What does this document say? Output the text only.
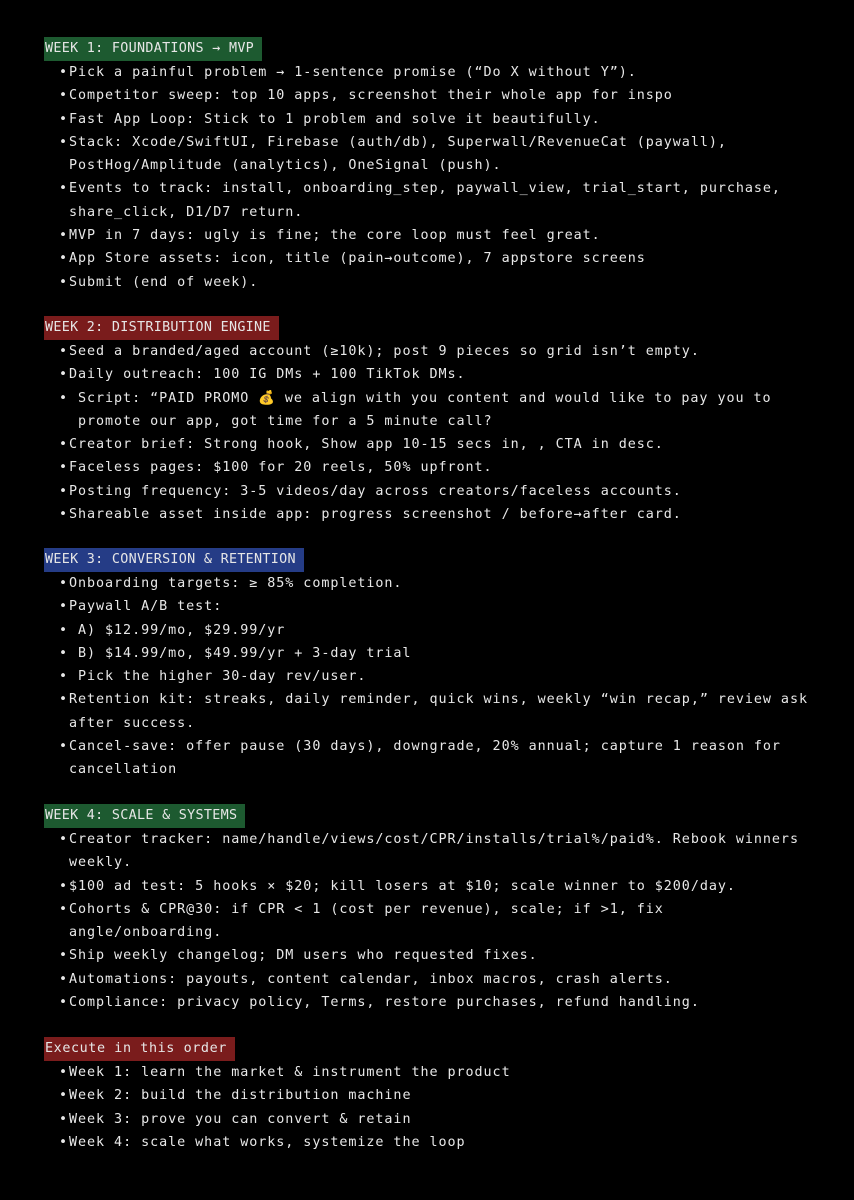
WEEK 1: FOUNDATIONS → MVP
• Pick a painful problem → 1-sentence promise (“Do X without Y”).
• Competitor sweep: top 10 apps, screenshot their whole app for inspo
• Fast App Loop: Stick to 1 problem and solve it beautifully.
• Stack: Xcode/SwiftUI, Firebase (auth/db), Superwall/RevenueCat (paywall), PostHog/Amplitude (analytics), OneSignal (push).
• Events to track: install, onboarding_step, paywall_view, trial_start, purchase, share_click, D1/D7 return.
• MVP in 7 days: ugly is fine; the core loop must feel great.
• App Store assets: icon, title (pain→outcome), 7 appstore screens
• Submit (end of week).
WEEK 2: DISTRIBUTION ENGINE
• Seed a branded/aged account (≥10k); post 9 pieces so grid isn’t empty.
• Daily outreach: 100 IG DMs + 100 TikTok DMs.
• Script: “PAID PROMO 💰 we align with you content and would like to pay you to promote our app, got time for a 5 minute call?
• Creator brief: Strong hook, Show app 10-15 secs in, , CTA in desc.
• Faceless pages: $100 for 20 reels, 50% upfront.
• Posting frequency: 3-5 videos/day across creators/faceless accounts.
• Shareable asset inside app: progress screenshot / before→after card.
WEEK 3: CONVERSION & RETENTION
• Onboarding targets: ≥ 85% completion.
• Paywall A/B test:
• A) $12.99/mo, $29.99/yr
• B) $14.99/mo, $49.99/yr + 3-day trial
• Pick the higher 30-day rev/user.
• Retention kit: streaks, daily reminder, quick wins, weekly “win recap,” review ask after success.
• Cancel-save: offer pause (30 days), downgrade, 20% annual; capture 1 reason for cancellation
WEEK 4: SCALE & SYSTEMS
• Creator tracker: name/handle/views/cost/CPR/installs/trial%/paid%. Rebook winners weekly.
• $100 ad test: 5 hooks × $20; kill losers at $10; scale winner to $200/day.
• Cohorts & CPR@30: if CPR < 1 (cost per revenue), scale; if >1, fix angle/onboarding.
• Ship weekly changelog; DM users who requested fixes.
• Automations: payouts, content calendar, inbox macros, crash alerts.
• Compliance: privacy policy, Terms, restore purchases, refund handling.
Execute in this order
• Week 1: learn the market & instrument the product
• Week 2: build the distribution machine
• Week 3: prove you can convert & retain
• Week 4: scale what works, systemize the loop
